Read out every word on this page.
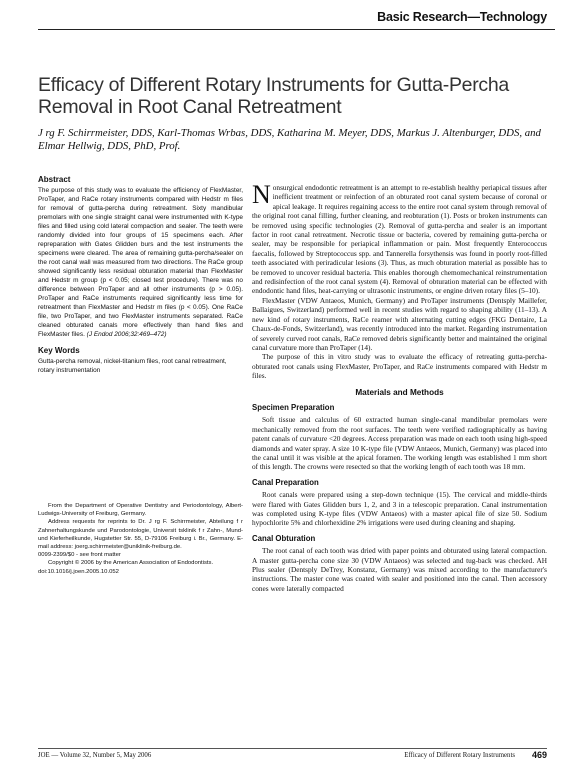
Basic Research—Technology
Efficacy of Different Rotary Instruments for Gutta-Percha Removal in Root Canal Retreatment
J rg F. Schirrmeister, DDS, Karl-Thomas Wrbas, DDS, Katharina M. Meyer, DDS, Markus J. Altenburger, DDS, and Elmar Hellwig, DDS, PhD, Prof.
Abstract

The purpose of this study was to evaluate the efficiency of FlexMaster, ProTaper, and RaCe rotary instruments compared with Hedstr m files for removal of gutta-percha during retreatment. Sixty mandibular premolars with one single straight canal were instrumented with K-type files and filled using cold lateral compaction and sealer. The teeth were randomly divided into four groups of 15 specimens each. After repreparation with Gates Glidden burs and the test instruments the specimens were cleared. The area of remaining gutta-percha/sealer on the root canal wall was measured from two directions. The RaCe group showed significantly less residual obturation material than FlexMaster and Hedstr m group (p < 0.05; closed test procedure). There was no difference between ProTaper and all other instruments (p > 0.05). ProTaper and RaCe instruments required significantly less time for retreatment than FlexMaster and Hedstr m files (p < 0.05). One RaCe file, two ProTaper, and two FlexMaster instruments separated. RaCe cleaned obturated canals more effectively than hand files and FlexMaster files. (J Endod 2006;32:469–472)

Key Words

Gutta-percha removal, nickel-titanium files, root canal retreatment, rotary instrumentation

From the Department of Operative Dentistry and Periodontology, Albert-Ludwigs-University of Freiburg, Germany.

Address requests for reprints to Dr. J rg F. Schirrmeister, Abteilung f r Zahnerhaltungskunde und Parodontologie, Universit tsklinik f r Zahn-, Mund- und Kieferheilkunde, Hugstetter Str. 55, D-79106 Freiburg i. Br., Germany. E-mail address: joerg.schirrmeister@uniklinik-freiburg.de.

0099-2399/$0 - see front matter

Copyright © 2006 by the American Association of Endodontists.

doi:10.1016/j.joen.2005.10.052

Nonsurgical endodontic retreatment is an attempt to re-establish healthy periapical tissues after inefficient treatment or reinfection of an obturated root canal system because of coronal or apical leakage. It requires regaining access to the entire root canal system through removal of the original root canal filling, further cleaning, and reobturation (1). Posts or broken instruments can be removed using specific technologies (2). Removal of gutta-percha and sealer is an important factor in root canal retreatment. Necrotic tissue or bacteria, covered by remaining gutta-percha or sealer, may be responsible for periapical inflammation or pain. Most frequently Enterococcus faecalis, followed by Streptococcus spp. and Tannerella forsythensis was found in poorly root-filled teeth associated with periradicular lesions (3). Thus, as much obturation material as possible has to be removed to uncover residual bacteria. This enables thorough chemomechanical reinstrumentation and redisinfection of the root canal system (4). Removal of obturation material can be effected with endodontic hand files, heat-carrying or ultrasonic instruments, or engine driven rotary files (5–10).

FlexMaster (VDW Antaeos, Munich, Germany) and ProTaper instruments (Dentsply Maillefer, Ballaigues, Switzerland) performed well in recent studies with regard to shaping ability (11–13). A new kind of rotary instruments, RaCe reamer with alternating cutting edges (FKG Dentaire, La Chaux-de-Fonds, Switzerland), was recently introduced into the market. Regarding instrumentation of severely curved root canals, RaCe removed debris significantly better and maintained the original canal curvature more than ProTaper (14).

The purpose of this in vitro study was to evaluate the efficacy of retreating gutta-percha-obturated root canals using FlexMaster, ProTaper, and RaCe instruments compared with Hedstr m files.

Materials and Methods
Specimen Preparation

Soft tissue and calculus of 60 extracted human single-canal mandibular premolars were mechanically removed from the root surfaces. The teeth were verified radiographically as having patent canals of curvature <20 degrees. Access preparation was made on each tooth using high-speed diamonds and water spray. A size 10 K-type file (VDW Antaeos, Munich, Germany) was placed into the canal until it was visible at the apical foramen. The working length was established 1 mm short of this length. The crowns were resected so that the working length of each tooth was 18 mm.

Canal Preparation

Root canals were prepared using a step-down technique (15). The cervical and middle-thirds were flared with Gates Glidden burs 1, 2, and 3 in a telescopic preparation. Canal instrumentation was completed using K-type files (VDW Antaeos) with a master apical file of size 50. Sodium hypochlorite 5% and chlorhexidine 2% irrigations were used during cleaning and shaping.

Canal Obturation

The root canal of each tooth was dried with paper points and obturated using lateral compaction. A master gutta-percha cone size 30 (VDW Antaeos) was selected and tug-back was checked. AH Plus sealer (Dentsply DeTrey, Konstanz, Germany) was mixed according to the manufacturer's instructions. The master cone was coated with sealer and positioned into the canal. Then accessory cones were laterally compacted

JOE — Volume 32, Number 5, May 2006	Efficacy of Different Rotary Instruments 469
